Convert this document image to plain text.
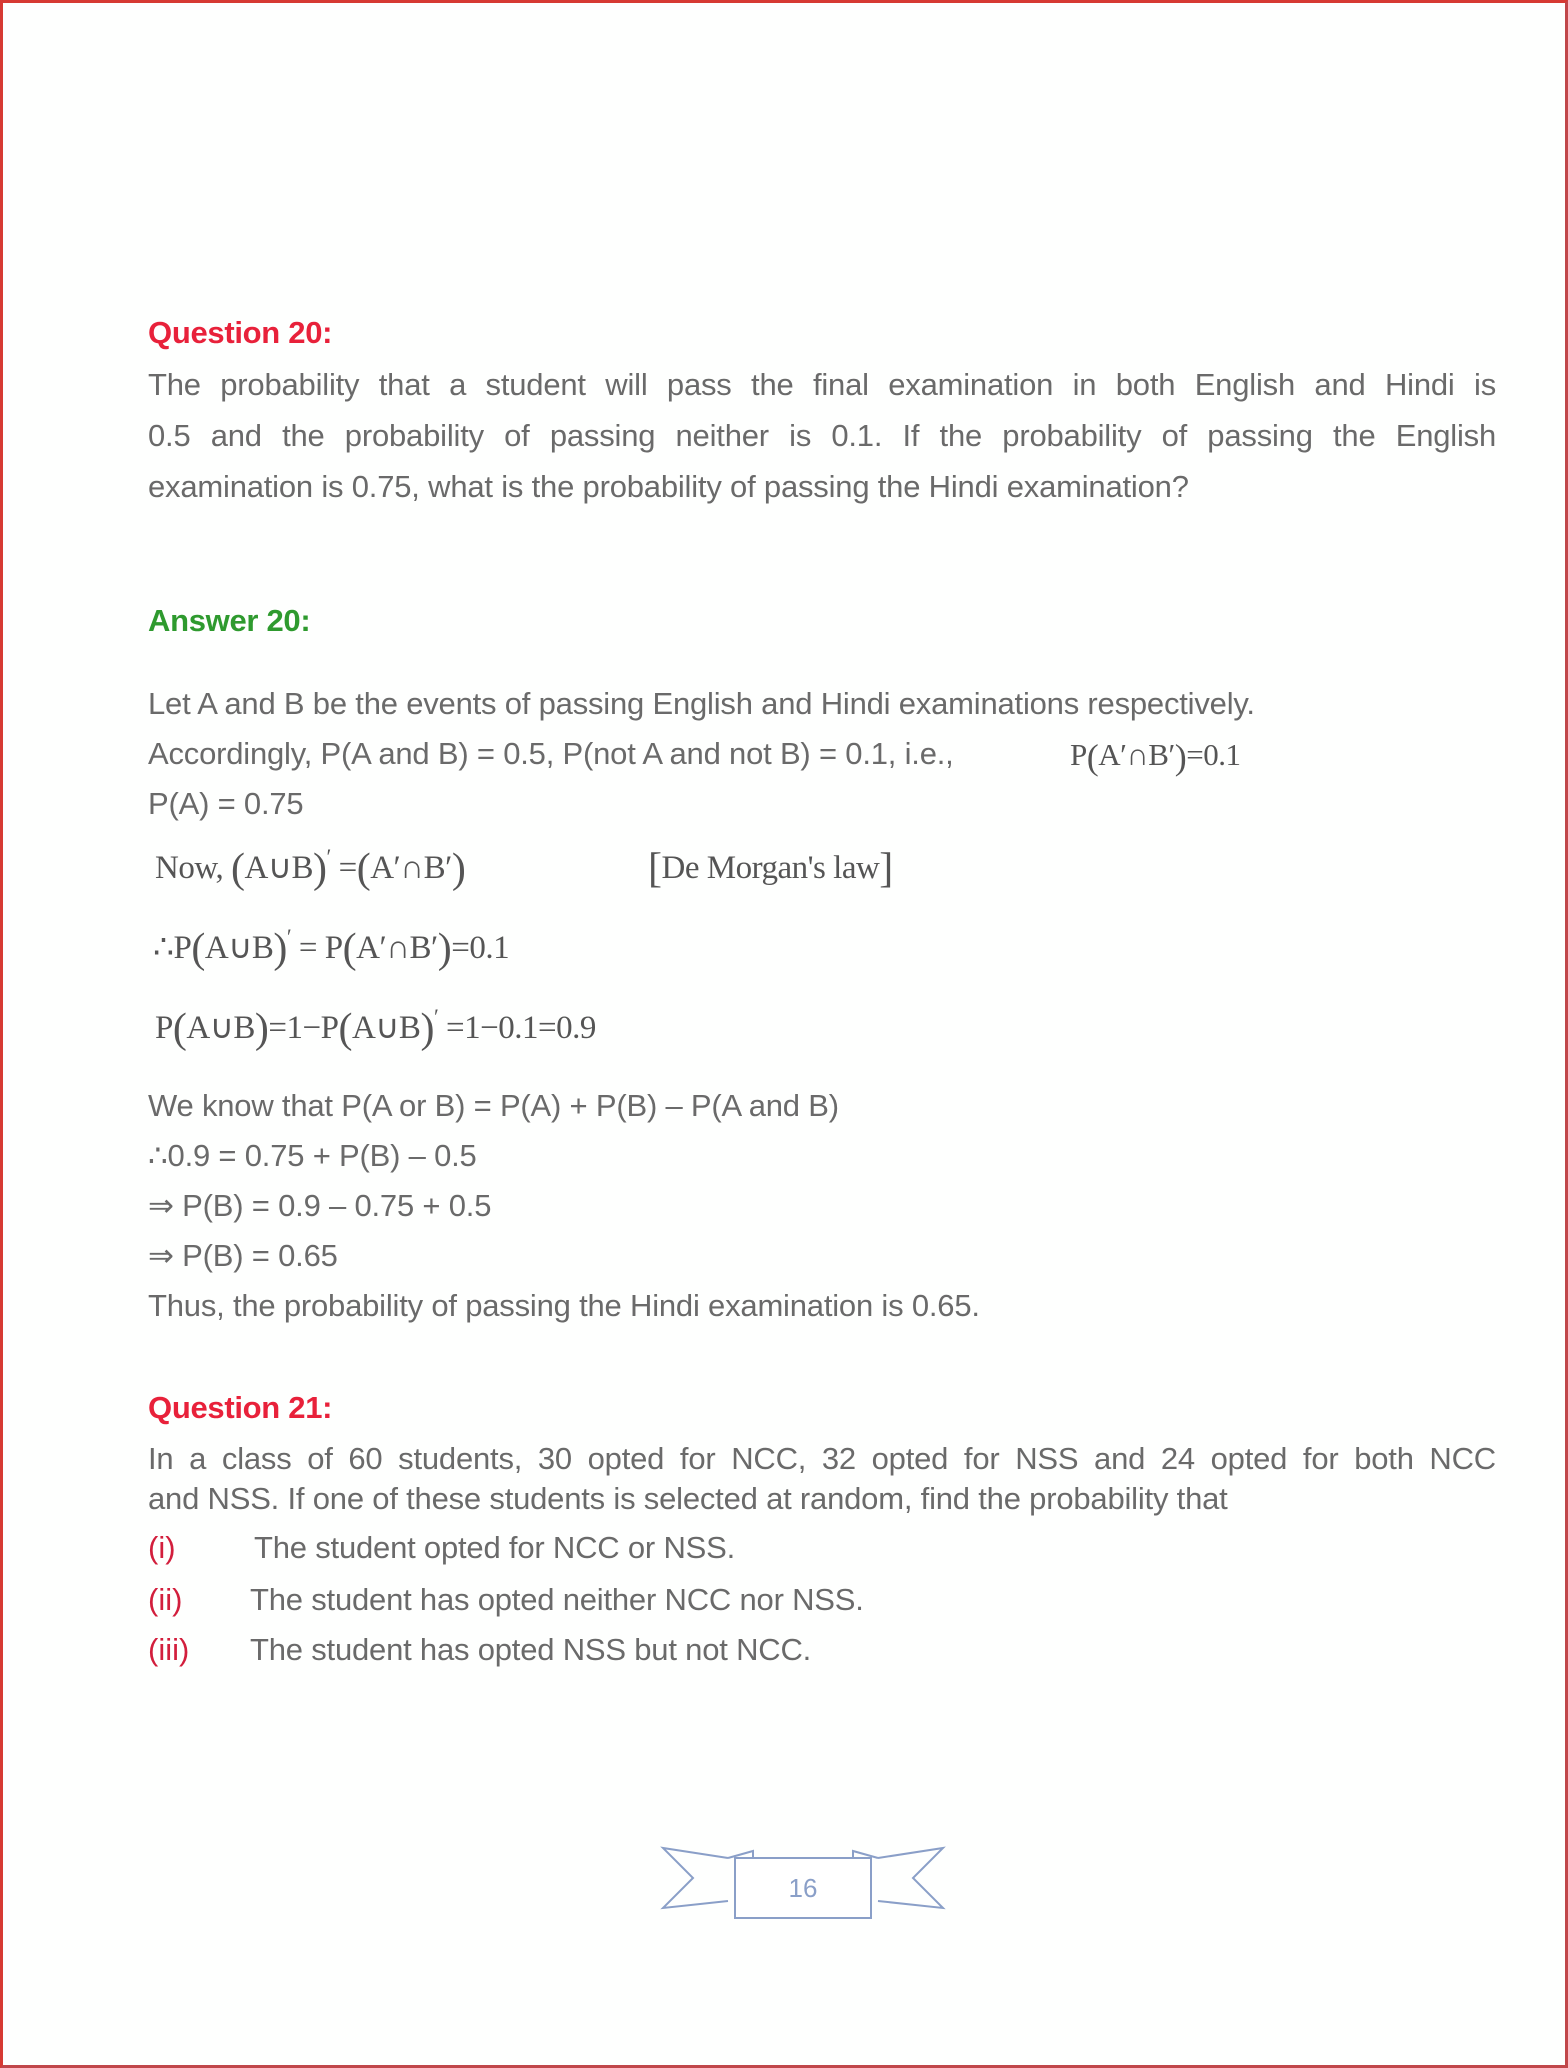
Question 20:
The probability that a student will pass the final examination in both English and Hindi is
0.5 and the probability of passing neither is 0.1. If the probability of passing the English
examination is 0.75, what is the probability of passing the Hindi examination?
Answer 20:
Let A and B be the events of passing English and Hindi examinations respectively.
Accordingly, P(A and B) = 0.5, P(not A and not B) = 0.1, i.e.,	P(A′∩B′)=0.1
P(A) = 0.75
Now, (A∪B)′ =(A′∩B′)	[De Morgan's law]
∴P(A∪B)′ = P(A′∩B′)=0.1
P(A∪B)=1−P(A∪B)′ =1−0.1=0.9
We know that P(A or B) = P(A) + P(B) – P(A and B)
∴0.9 = 0.75 + P(B) – 0.5
⇒ P(B) = 0.9 – 0.75 + 0.5
⇒ P(B) = 0.65
Thus, the probability of passing the Hindi examination is 0.65.
Question 21:
In a class of 60 students, 30 opted for NCC, 32 opted for NSS and 24 opted for both NCC
and NSS. If one of these students is selected at random, find the probability that
(i)	The student opted for NCC or NSS.
(ii) The student has opted neither NCC nor NSS.
(iii) The student has opted NSS but not NCC.
16
